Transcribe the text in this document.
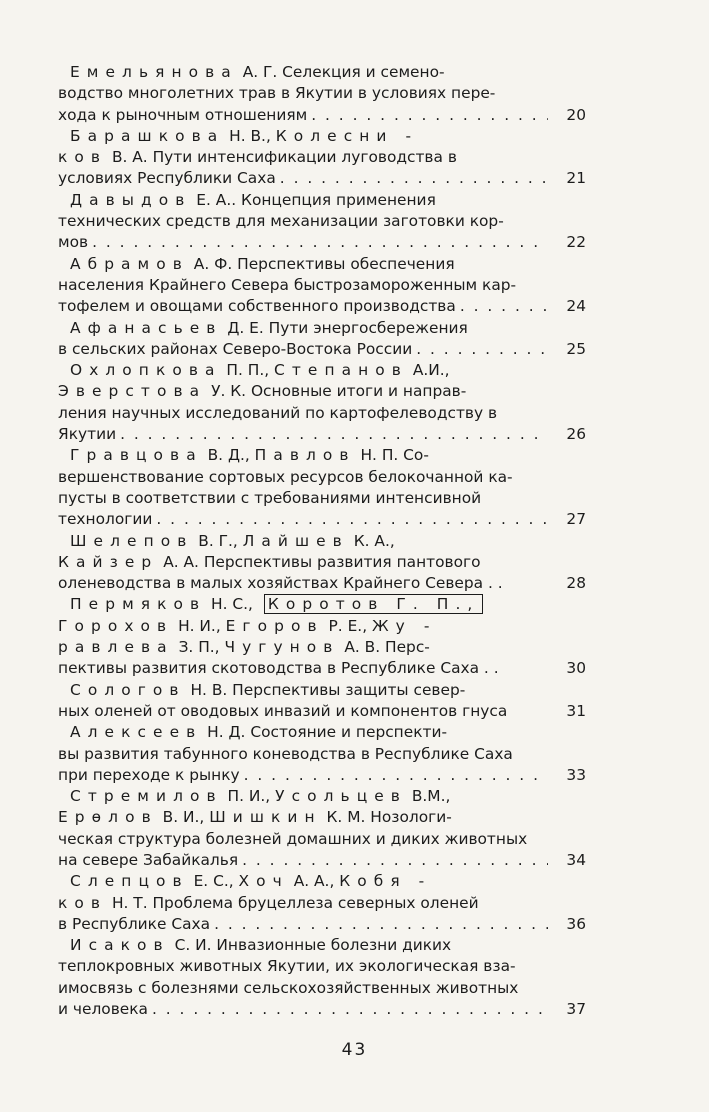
Емельянова А. Г. Селекция и семено-
водство многолетних трав в Якутии в условиях пере-
хода к рыночным отношениям . . .	20
Барашкова Н. В., Колесни -
ков В. А. Пути интенсификации луговодства в
условиях Республики Саха . . .	21
Давыдов Е. А.. Концепция применения
технических средств для механизации заготовки кор-
мов . . .	22
Абрамов А. Ф. Перспективы обеспечения
населения Крайнего Севера быстрозамороженным кар-
тофелем и овощами собственного производства . . .	24
Афанасьев Д. Е. Пути энергосбережения
в сельских районах Северо-Востока России . . .	25
Охлопкова П. П., Степанов А.И.,
Эверстова У. К. Основные итоги и направ-
ления научных исследований по картофелеводству в
Якутии . . .	26
Гравцова В. Д., Павлов Н. П. Со-
вершенствование сортовых ресурсов белокочанной ка-
пусты в соответствии с требованиями интенсивной
технологии . . .	27
Шелепов В. Г., Лайшев К. А.,
Кайзер А. А. Перспективы развития пантового
оленеводства в малых хозяйствах Крайнего Севера . .	28
Пермяков Н. С., Коротов Г. П.,
Горохов Н. И., Егоров Р. Е., Жу -
равлева З. П., Чугунов А. В. Перс-
пективы развития скотоводства в Республике Саха . .	30
Сологов Н. В. Перспективы защиты север-
ных оленей от оводовых инвазий и компонентов гнуса	31
Алексеев Н. Д. Состояние и перспекти-
вы развития табунного коневодства в Республике Саха
при переходе к рынку . . .	33
Стремилов П. И., Усольцев В.М.,
Ерөлов В. И., Шишкин К. М. Нозологи-
ческая структура болезней домашних и диких животных
на севере Забайкалья . . .	34
Слепцов Е. С., Хоч А. А., Кобя -
ков Н. Т. Проблема бруцеллеза северных оленей
в Республике Саха . . .	36
Исаков С. И. Инвазионные болезни диких
теплокровных животных Якутии, их экологическая вза-
имосвязь с болезнями сельскохозяйственных животных
и человека . . .	37
43
